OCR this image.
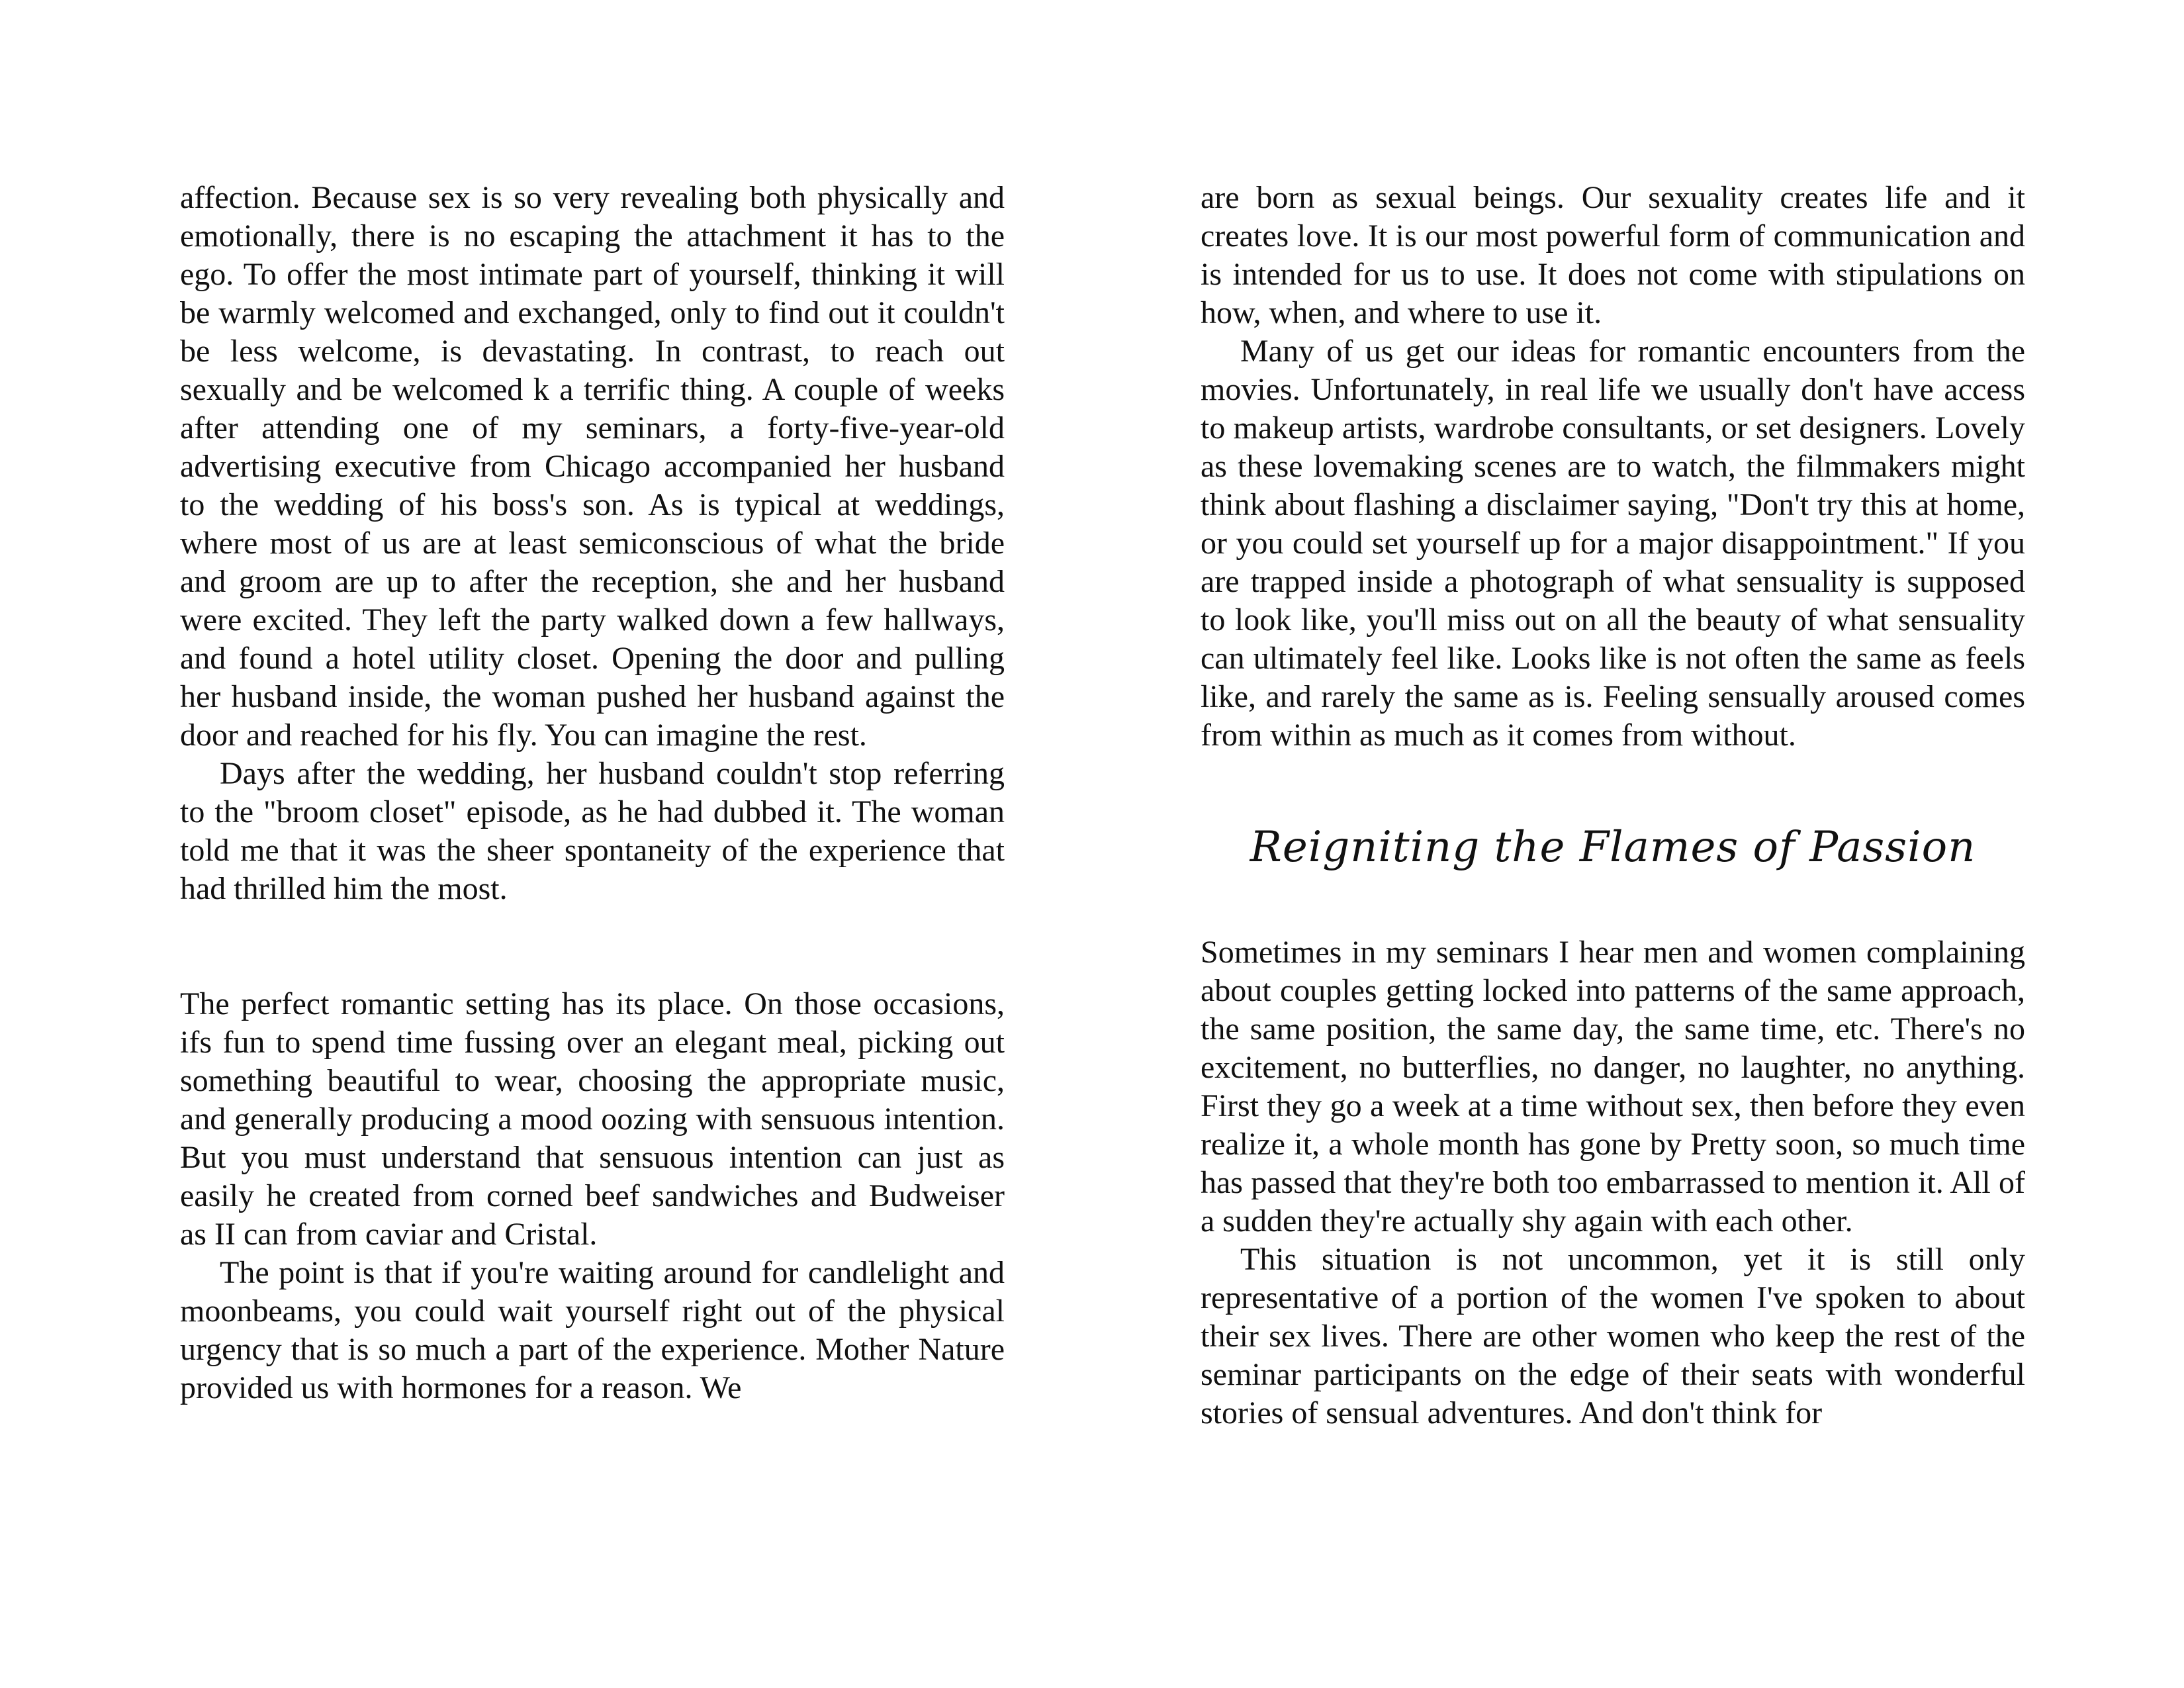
affection. Because sex is so very revealing both physically and emotionally, there is no escaping the attachment it has to the ego. To offer the most intimate part of yourself, thinking it will be warmly welcomed and exchanged, only to find out it couldn't be less welcome, is devastating. In contrast, to reach out sexually and be welcomed k a terrific thing. A couple of weeks after attending one of my seminars, a forty-five-year-old advertising executive from Chicago accompanied her husband to the wedding of his boss's son. As is typical at weddings, where most of us are at least semiconscious of what the bride and groom are up to after the reception, she and her husband were excited. They left the party walked down a few hallways, and found a hotel utility closet. Opening the door and pulling her husband inside, the woman pushed her husband against the door and reached for his fly. You can imagine the rest.

Days after the wedding, her husband couldn't stop referring to the "broom closet" episode, as he had dubbed it. The woman told me that it was the sheer spontaneity of the experience that had thrilled him the most.

The perfect romantic setting has its place. On those occasions, ifs fun to spend time fussing over an elegant meal, picking out something beautiful to wear, choosing the appropriate music, and generally producing a mood oozing with sensuous intention. But you must understand that sensuous intention can just as easily he created from corned beef sandwiches and Budweiser as II can from caviar and Cristal.

The point is that if you're waiting around for candlelight and moonbeams, you could wait yourself right out of the physical urgency that is so much a part of the experience. Mother Nature provided us with hormones for a reason. We

are born as sexual beings. Our sexuality creates life and it creates love. It is our most powerful form of communication and is intended for us to use. It does not come with stipulations on how, when, and where to use it.

Many of us get our ideas for romantic encounters from the movies. Unfortunately, in real life we usually don't have access to makeup artists, wardrobe consultants, or set designers. Lovely as these lovemaking scenes are to watch, the filmmakers might think about flashing a disclaimer saying, "Don't try this at home, or you could set yourself up for a major disappointment." If you are trapped inside a photograph of what sensuality is supposed to look like, you'll miss out on all the beauty of what sensuality can ultimately feel like. Looks like is not often the same as feels like, and rarely the same as is. Feeling sensually aroused comes from within as much as it comes from without.

Reigniting the Flames of Passion

Sometimes in my seminars I hear men and women complaining about couples getting locked into patterns of the same approach, the same position, the same day, the same time, etc. There's no excitement, no butterflies, no danger, no laughter, no anything. First they go a week at a time without sex, then before they even realize it, a whole month has gone by Pretty soon, so much time has passed that they're both too embarrassed to mention it. All of a sudden they're actually shy again with each other.

This situation is not uncommon, yet it is still only representative of a portion of the women I've spoken to about their sex lives. There are other women who keep the rest of the seminar participants on the edge of their seats with wonderful stories of sensual adventures. And don't think for
